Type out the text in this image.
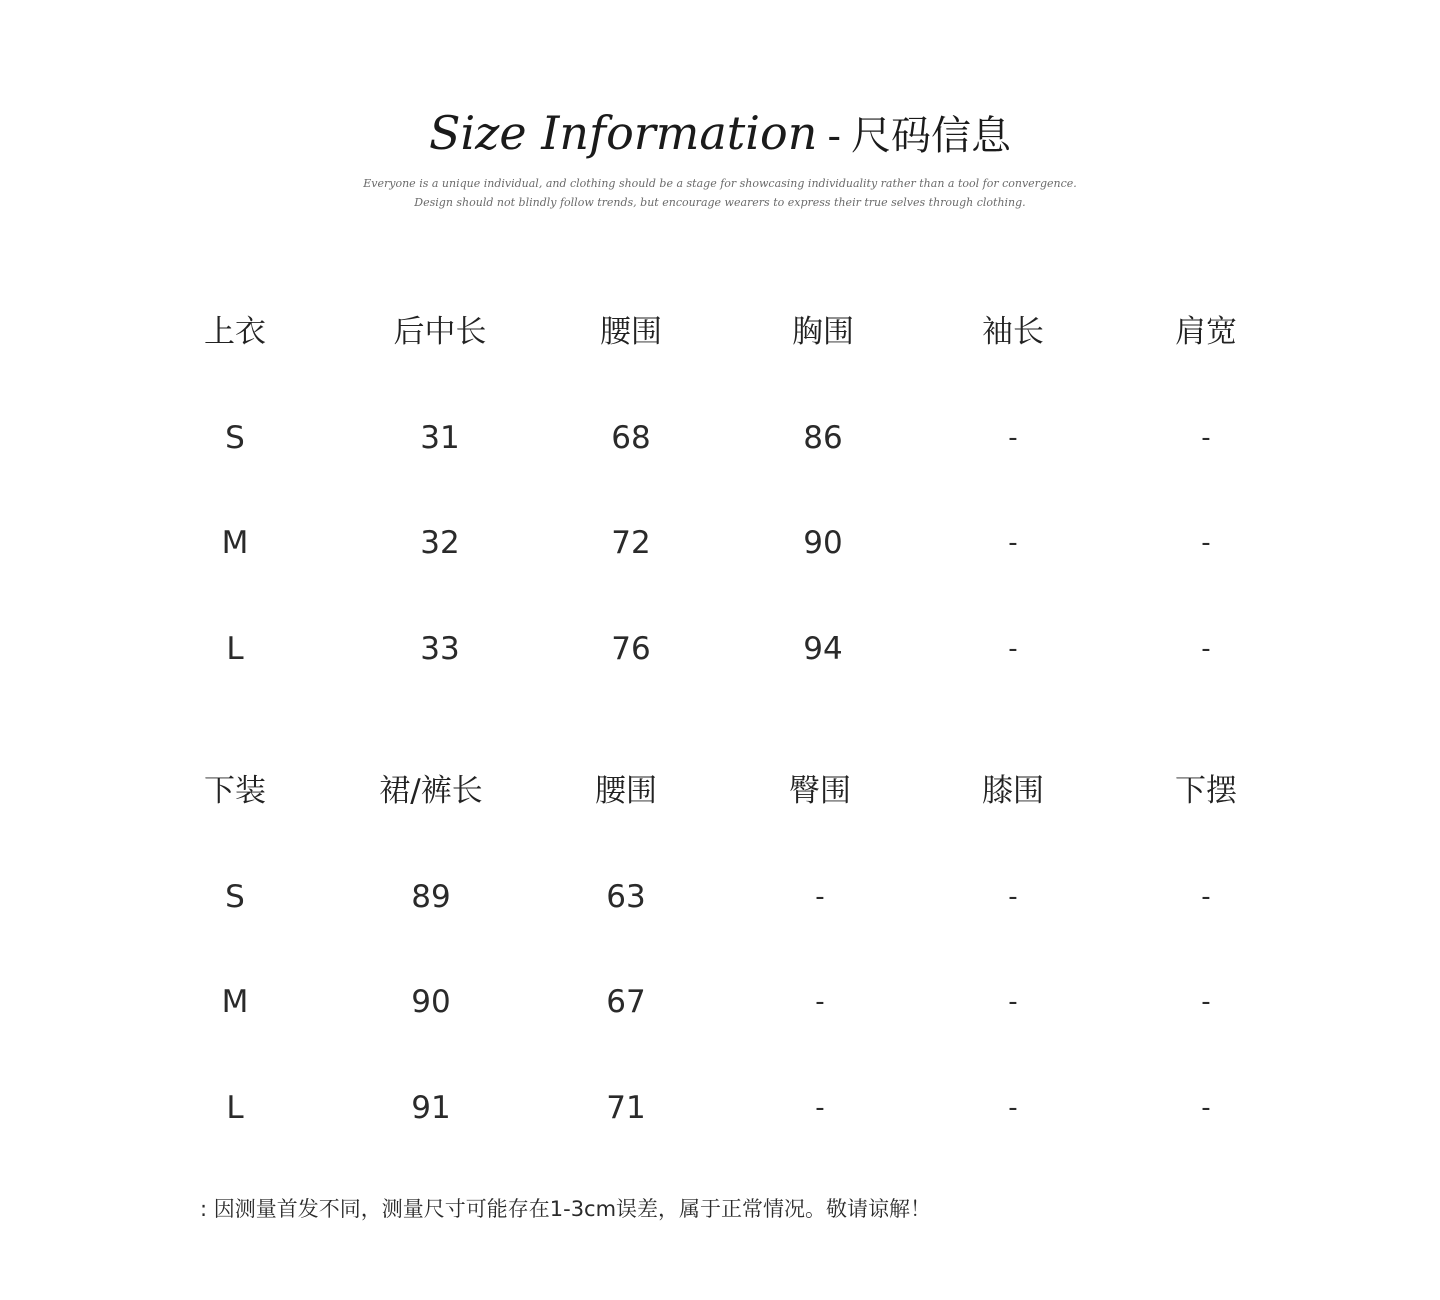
Size Information - 尺码信息
Everyone is a unique individual, and clothing should be a stage for showcasing individuality rather than a tool for convergence.
Design should not blindly follow trends, but encourage wearers to express their true selves through clothing.
上衣	后中长	腰围	胸围	袖长	肩宽
S	31	68	86	-	-
M	32	72	90	-	-
L	33	76	94	-	-
下装	裙/裤长	腰围	臀围	膝围	下摆
S	89	63	-	-	-
M	90	67	-	-	-
L	91	71	-	-	-
: 因测量首发不同，测量尺寸可能存在1-3cm误差，属于正常情况。敬请谅解！
